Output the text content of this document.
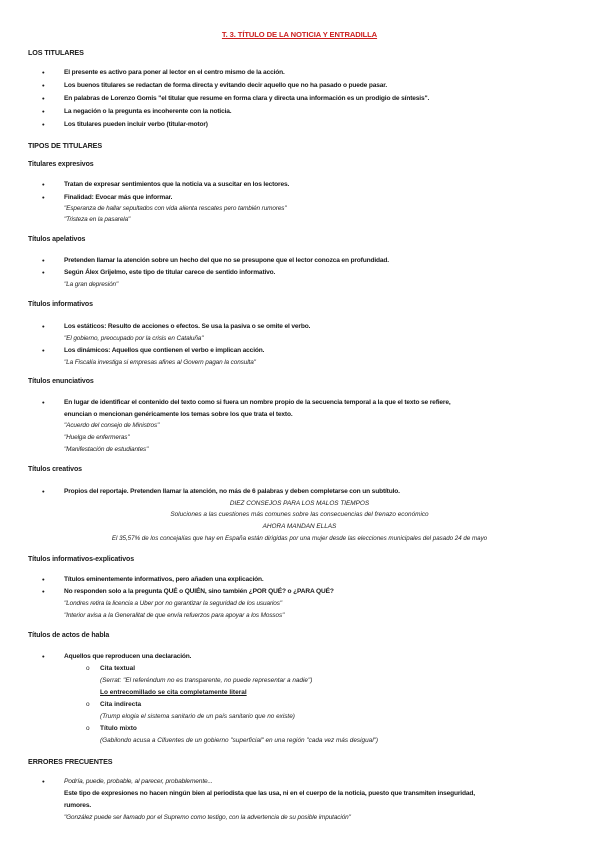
T. 3. TÍTULO DE LA NOTICIA Y ENTRADILLA
LOS TITULARES
• El presente es activo para poner al lector en el centro mismo de la acción.
• Los buenos titulares se redactan de forma directa y evitando decir aquello que no ha pasado o puede pasar.
• En palabras de Lorenzo Gomis "el titular que resume en forma clara y directa una información es un prodigio de síntesis".
• La negación o la pregunta es incoherente con la noticia.
• Los titulares pueden incluir verbo (titular-motor)
TIPOS DE TITULARES
Titulares expresivos
• Tratan de expresar sentimientos que la noticia va a suscitar en los lectores.
• Finalidad: Evocar más que informar.
"Esperanza de hallar sepultados con vida alienta rescates pero también rumores"
"Tristeza en la pasarela"
Títulos apelativos
• Pretenden llamar la atención sobre un hecho del que no se presupone que el lector conozca en profundidad.
• Según Álex Grijelmo, este tipo de titular carece de sentido informativo.
"La gran depresión"
Títulos informativos
• Los estáticos: Resulto de acciones o efectos. Se usa la pasiva o se omite el verbo.
"El gobierno, preocupado por la crisis en Cataluña"
• Los dinámicos: Aquellos que contienen el verbo e implican acción.
"La Fiscalía investiga si empresas afines al Govern pagan la consulta"
Títulos enunciativos
• En lugar de identificar el contenido del texto como si fuera un nombre propio de la secuencia temporal a la que el texto se refiere,
enuncian o mencionan genéricamente los temas sobre los que trata el texto.
"Acuerdo del consejo de Ministros"
"Huelga de enfermeras"
"Manifestación de estudiantes"
Títulos creativos
• Propios del reportaje. Pretenden llamar la atención, no más de 6 palabras y deben completarse con un subtítulo.
DIEZ CONSEJOS PARA LOS MALOS TIEMPOS
Soluciones a las cuestiones más comunes sobre las consecuencias del frenazo económico
AHORA MANDAN ELLAS
El 35,57% de los concejalías que hay en España están dirigidas por una mujer desde las elecciones municipales del pasado 24 de mayo
Títulos informativos-explicativos
• Títulos eminentemente informativos, pero añaden una explicación.
• No responden solo a la pregunta QUÉ o QUIÉN, sino también ¿POR QUÉ? o ¿PARA QUÉ?
"Londres retira la licencia a Uber por no garantizar la seguridad de los usuarios"
"Interior avisa a la Generalitat de que envía refuerzos para apoyar a los Mossos"
Títulos de actos de habla
• Aquellos que reproducen una declaración.
o Cita textual
(Serrat: "El referéndum no es transparente, no puede representar a nadie")
Lo entrecomillado se cita completamente literal
o Cita indirecta
(Trump elogia el sistema sanitario de un país sanitario que no existe)
o Título mixto
(Gabilondo acusa a Cifuentes de un gobierno "superficial" en una región "cada vez más desigual")
ERRORES FRECUENTES
• Podría, puede, probable, al parecer, probablemente...
Este tipo de expresiones no hacen ningún bien al periodista que las usa, ni en el cuerpo de la noticia, puesto que transmiten inseguridad,
rumores.
"González puede ser llamado por el Supremo como testigo, con la advertencia de su posible imputación"
